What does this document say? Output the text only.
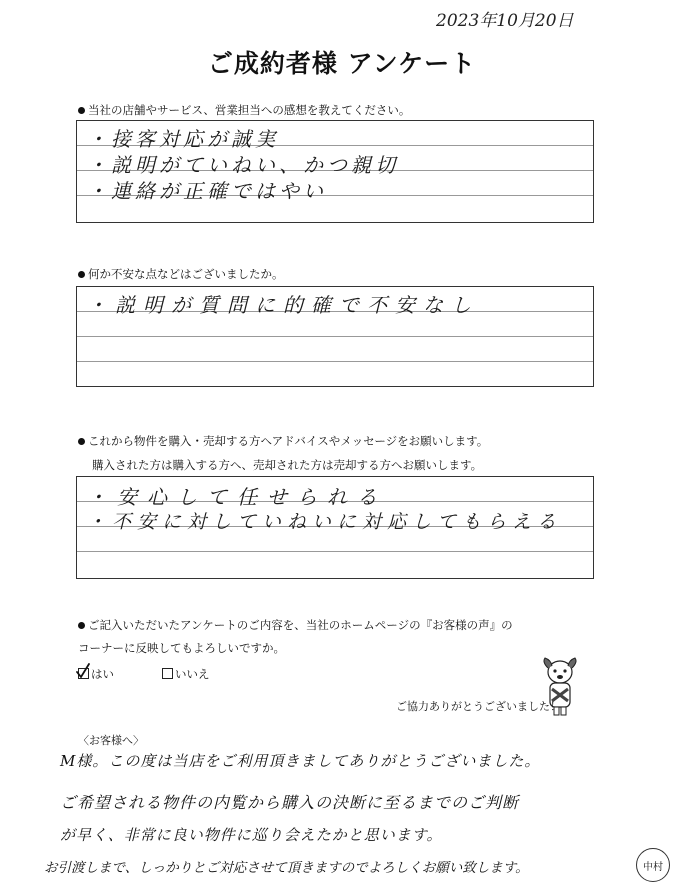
2023年10月20日
ご成約者様 アンケート
当社の店舗やサービス、営業担当への感想を教えてください。
・接客対応が誠実
・説明がていねい、かつ親切
・連絡が正確ではやい
何か不安な点などはございましたか。
・説明が質問に的確で不安なし
これから物件を購入・売却する方へアドバイスやメッセージをお願いします。
購入された方は購入する方へ、売却された方は売却する方へお願いします。
・安心して任せられる
・不安に対していねいに対応してもらえる
ご記入いただいたアンケートのご内容を、当社のホームページの『お客様の声』の
コーナーに反映してもよろしいですか。
はい	いいえ
ご協力ありがとうございました！
〈お客様へ〉
M様。この度は当店をご利用頂きましてありがとうございました。
ご希望される物件の内覧から購入の決断に至るまでのご判断
が早く、非常に良い物件に巡り会えたかと思います。
お引渡しまで、しっかりとご対応させて頂きますのでよろしくお願い致します。	中村
